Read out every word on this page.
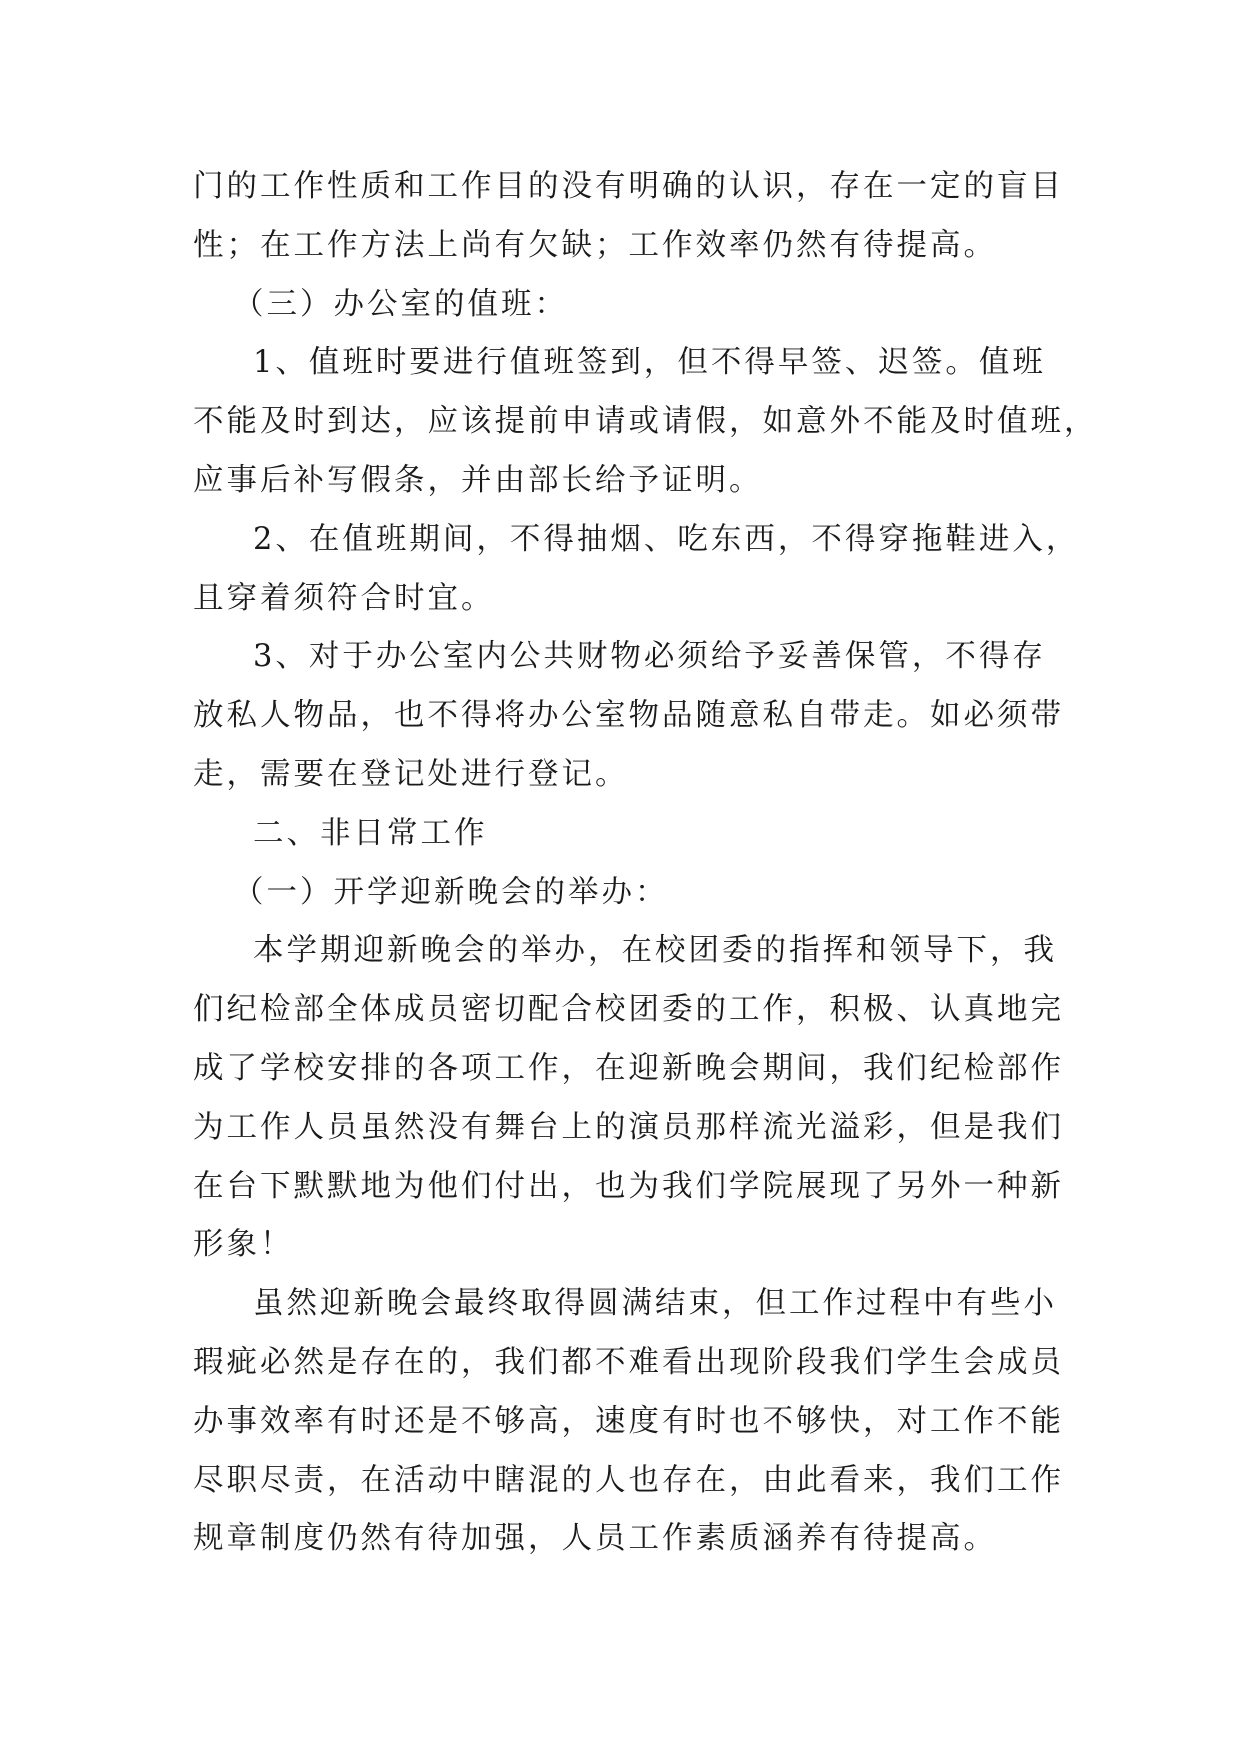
门的工作性质和工作目的没有明确的认识，存在一定的盲目
性；在工作方法上尚有欠缺；工作效率仍然有待提高。
（三）办公室的值班：
1、值班时要进行值班签到，但不得早签、迟签。值班
不能及时到达，应该提前申请或请假，如意外不能及时值班，
应事后补写假条，并由部长给予证明。
2、在值班期间，不得抽烟、吃东西，不得穿拖鞋进入，
且穿着须符合时宜。
3、对于办公室内公共财物必须给予妥善保管，不得存
放私人物品，也不得将办公室物品随意私自带走。如必须带
走，需要在登记处进行登记。
二、非日常工作
（一）开学迎新晚会的举办：
本学期迎新晚会的举办，在校团委的指挥和领导下，我
们纪检部全体成员密切配合校团委的工作，积极、认真地完
成了学校安排的各项工作，在迎新晚会期间，我们纪检部作
为工作人员虽然没有舞台上的演员那样流光溢彩，但是我们
在台下默默地为他们付出，也为我们学院展现了另外一种新
形象！
虽然迎新晚会最终取得圆满结束，但工作过程中有些小
瑕疵必然是存在的，我们都不难看出现阶段我们学生会成员
办事效率有时还是不够高，速度有时也不够快，对工作不能
尽职尽责，在活动中瞎混的人也存在，由此看来，我们工作
规章制度仍然有待加强，人员工作素质涵养有待提高。
